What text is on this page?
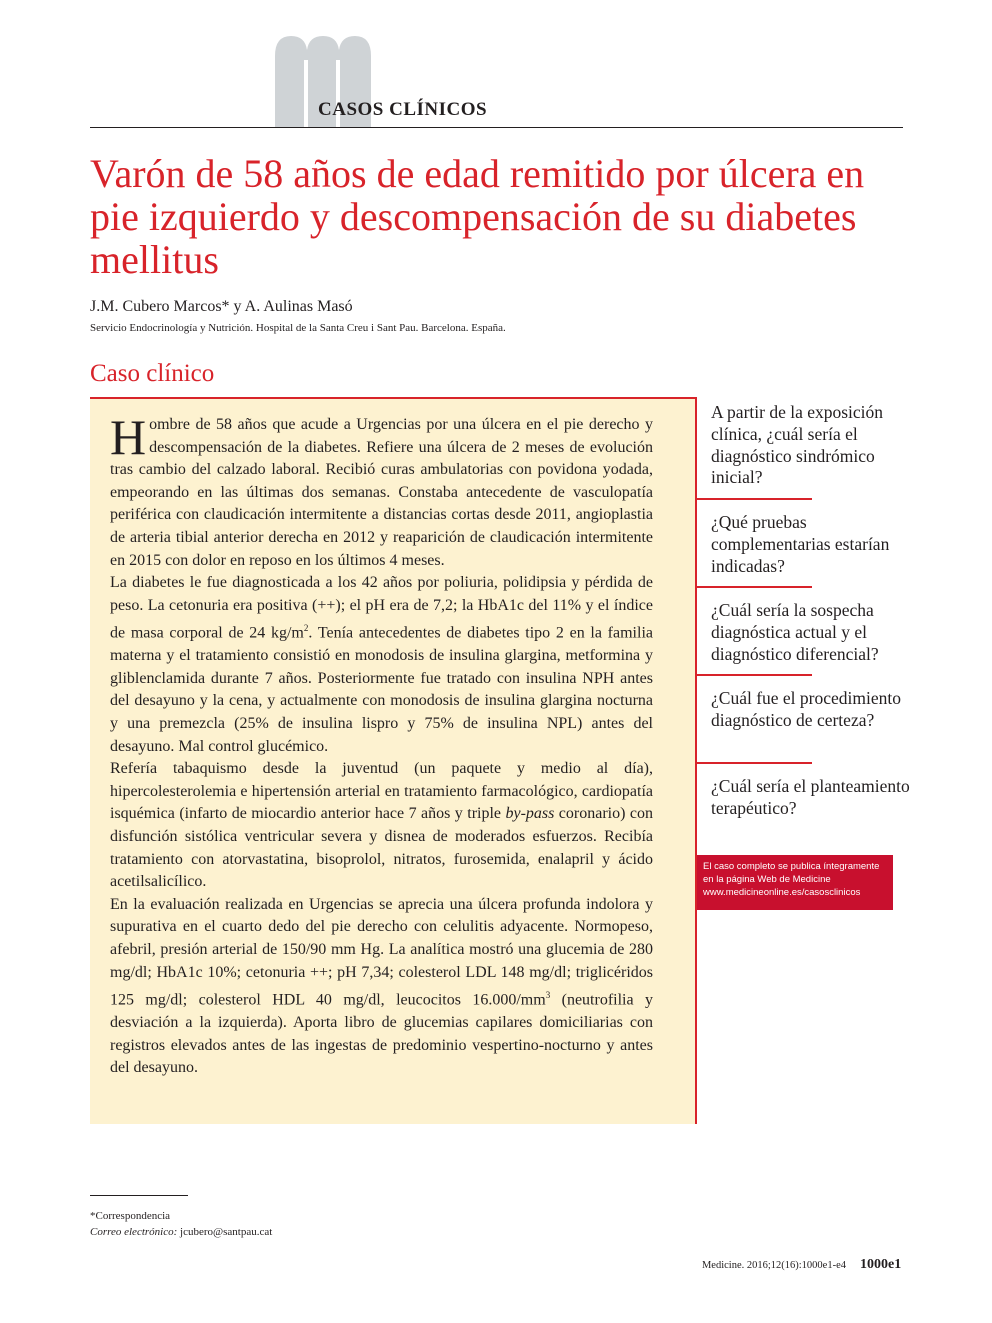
CASOS CLÍNICOS
Varón de 58 años de edad remitido por úlcera en pie izquierdo y descompensación de su diabetes mellitus
J.M. Cubero Marcos* y A. Aulinas Masó
Servicio Endocrinología y Nutrición. Hospital de la Santa Creu i Sant Pau. Barcelona. España.
Caso clínico

Hombre de 58 años que acude a Urgencias por una úlcera en el pie derecho y descompensación de la diabetes. Refiere una úlcera de 2 meses de evolución tras cambio del calzado laboral. Recibió curas ambulatorias con povidona yodada, empeorando en las últimas dos semanas. Constaba antecedente de vasculopatía periférica con claudicación intermitente a distancias cortas desde 2011, angioplastia de arteria tibial anterior derecha en 2012 y reaparición de claudicación intermitente en 2015 con dolor en reposo en los últimos 4 meses.

La diabetes le fue diagnosticada a los 42 años por poliuria, polidipsia y pérdida de peso. La cetonuria era positiva (++); el pH era de 7,2; la HbA1c del 11% y el índice de masa corporal de 24 $kg/m^2$. Tenía antecedentes de diabetes tipo 2 en la familia materna y el tratamiento consistió en monodosis de insulina glargina, metformina y gliblenclamida durante 7 años. Posteriormente fue tratado con insulina NPH antes del desayuno y la cena, y actualmente con monodosis de insulina glargina nocturna y una premezcla (25% de insulina lispro y 75% de insulina NPL) antes del desayuno. Mal control glucémico.

Refería tabaquismo desde la juventud (un paquete y medio al día), hipercolesterolemia e hipertensión arterial en tratamiento farmacológico, cardiopatía isquémica (infarto de miocardio anterior hace 7 años y triple by-pass coronario) con disfunción sistólica ventricular severa y disnea de moderados esfuerzos. Recibía tratamiento con atorvastatina, bisoprolol, nitratos, furosemida, enalapril y ácido acetilsalicílico.

En la evaluación realizada en Urgencias se aprecia una úlcera profunda indolora y supurativa en el cuarto dedo del pie derecho con celulitis adyacente. Normopeso, afebril, presión arterial de 150/90 mm Hg. La analítica mostró una glucemia de 280 mg/dl; HbA1c 10%; cetonuria ++; pH 7,34; colesterol LDL 148 mg/dl; triglicéridos 125 mg/dl; colesterol HDL 40 mg/dl, leucocitos $16.000/mm^3$ (neutrofilia y desviación a la izquierda). Aporta libro de glucemias capilares domiciliarias con registros elevados antes de las ingestas de predominio vespertino-nocturno y antes del desayuno.

A partir de la exposición clínica, ¿cuál sería el diagnóstico sindrómico inicial?
¿Qué pruebas complementarias estarían indicadas?
¿Cuál sería la sospecha diagnóstica actual y el diagnóstico diferencial?
¿Cuál fue el procedimiento diagnóstico de certeza?
¿Cuál sería el planteamiento terapéutico?
El caso completo se publica íntegramente
en la página Web de Medicine
www.medicineonline.es/casosclinicos
*Correspondencia
Correo electrónico: jcubero@santpau.cat
Medicine. 2016;12(16):1000e1-e4 1000e1
